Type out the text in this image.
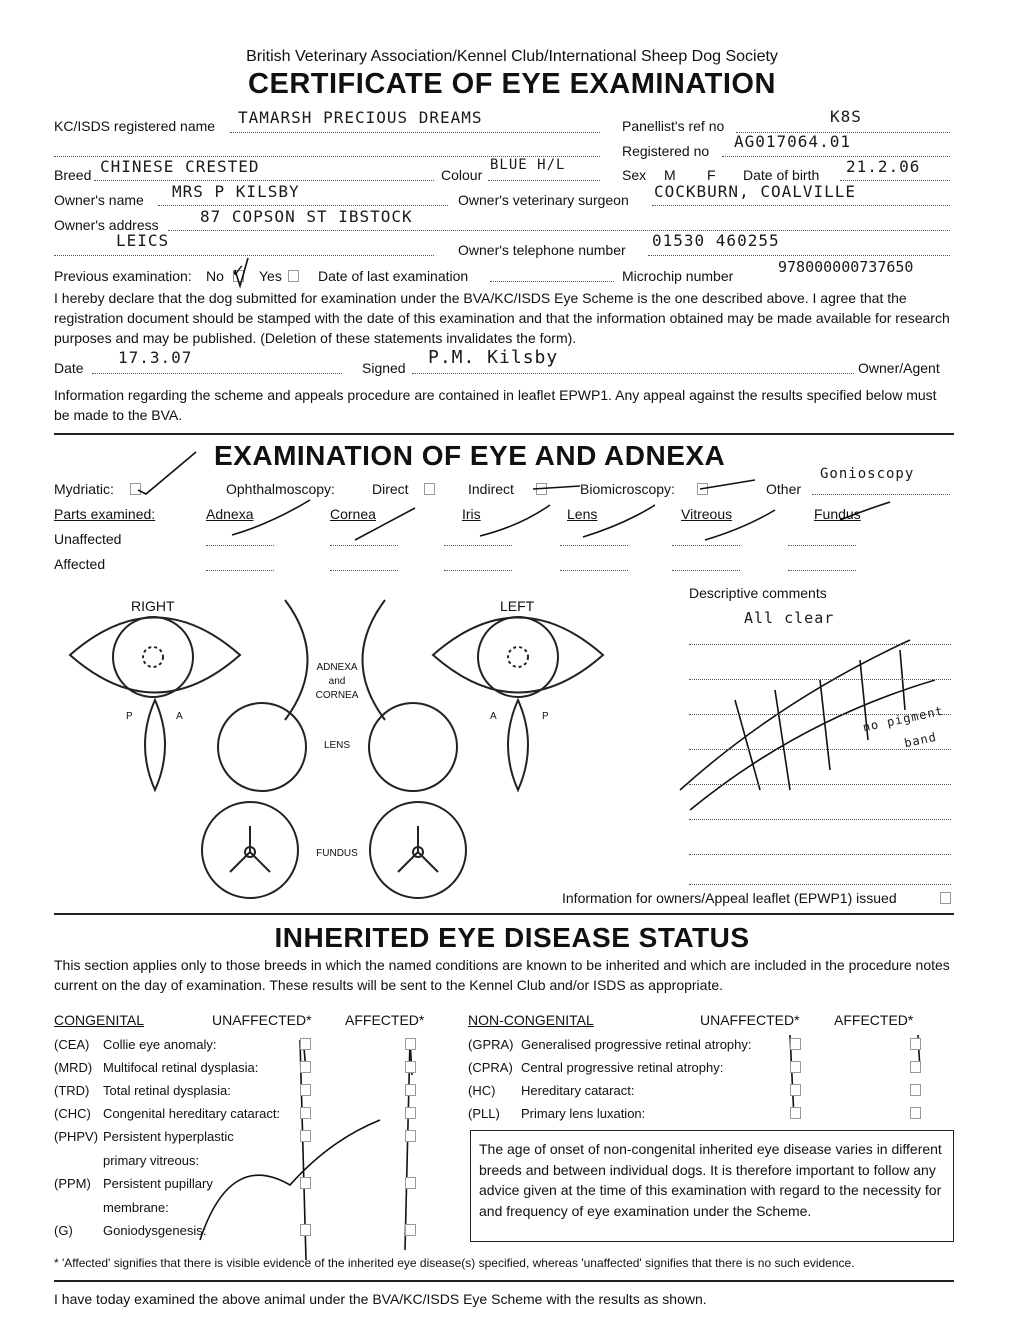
British Veterinary Association/Kennel Club/International Sheep Dog Society
CERTIFICATE OF EYE EXAMINATION
KC/ISDS registered name TAMARSH PRECIOUS DREAMS	Panellist's ref no	K8S
Registered no AG017064.01
Breed CHINESE CRESTED	Colour
BLUE H/L
Sex M F Date of birth 21.2.06
Owner's name MRS P KILSBY	Owner's veterinary surgeon COCKBURN, COALVILLE
Owner's address	87 COPSON ST IBSTOCK
LEICS	Owner's telephone number 01530 460255
Previous examination: No ✓ Yes	Date of last examination	Microchip number	978000000737650
I hereby declare that the dog submitted for examination under the BVA/KC/ISDS Eye Scheme is the one described above. I agree that the registration document should be stamped with the date of this examination and that the information obtained may be made available for research purposes and may be published. (Deletion of these statements invalidates the form).
Date
17.3.07
Signed P.M. Kilsby	Owner/Agent
Information regarding the scheme and appeals procedure are contained in leaflet EPWP1. Any appeal against the results specified below must be made to the BVA.
EXAMINATION OF EYE AND ADNEXA
Mydriatic:	Ophthalmoscopy:	Direct	Indirect	Biomicroscopy:	Other
Gonioscopy
Parts examined:	Adnexa	Cornea	Iris	Lens	Vitreous	Fundus
Unaffected
Affected
RIGHT	LEFT
ADNEXA
and
CORNEA
LENS
FUNDUS
P	A	A	P
Descriptive comments
All clear
no pigment
band
Information for owners/Appeal leaflet (EPWP1) issued
INHERITED EYE DISEASE STATUS
This section applies only to those breeds in which the named conditions are known to be inherited and which are included in the procedure notes current on the day of examination. These results will be sent to the Kennel Club and/or ISDS as appropriate.
CONGENITAL	UNAFFECTED* AFFECTED*	NON-CONGENITAL	UNAFFECTED* AFFECTED*
(CEA) Collie eye anomaly:
(MRD) Multifocal retinal dysplasia:
(TRD) Total retinal dysplasia:
(CHC) Congenital hereditary cataract:
(PHPV) Persistent hyperplastic
primary vitreous:
(PPM) Persistent pupillary
membrane:
(G) Goniodysgenesis:
(GPRA) Generalised progressive retinal atrophy:
(CPRA) Central progressive retinal atrophy:
(HC) Hereditary cataract:
(PLL) Primary lens luxation:
The age of onset of non-congenital inherited eye disease varies in different breeds and between individual dogs. It is therefore important to follow any advice given at the time of this examination with regard to the necessity for and frequency of eye examination under the Scheme.
* 'Affected' signifies that there is visible evidence of the inherited eye disease(s) specified, whereas 'unaffected' signifies that there is no such evidence.
I have today examined the above animal under the BVA/KC/ISDS Eye Scheme with the results as shown.
